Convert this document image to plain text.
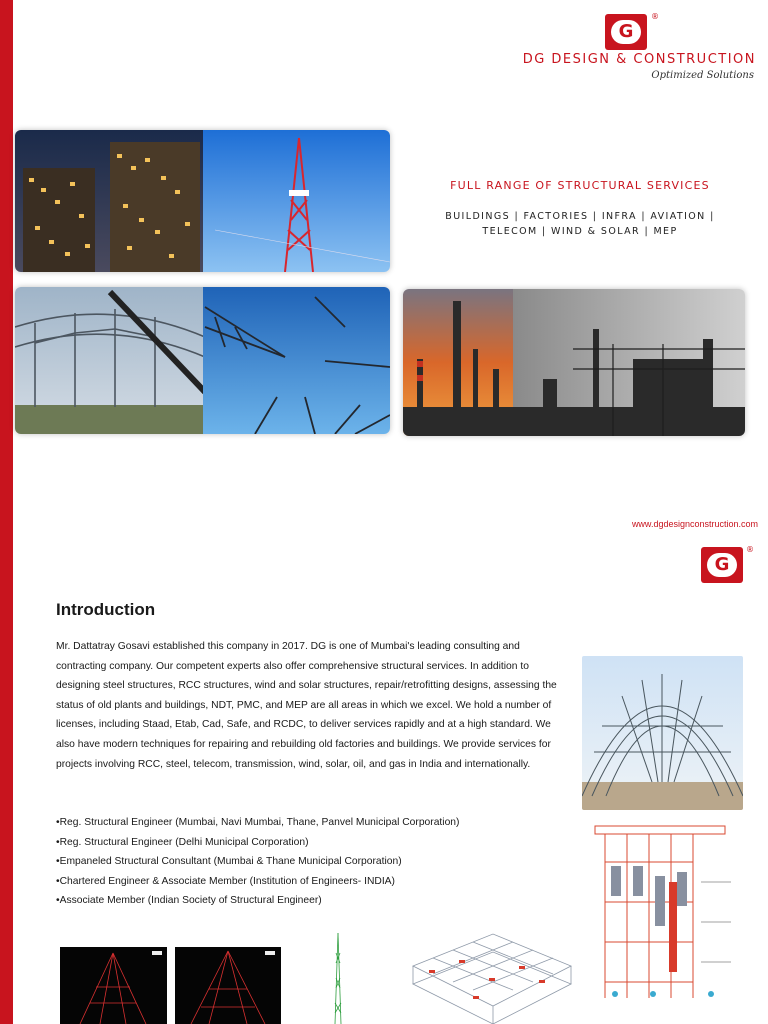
G
®
DG DESIGN & CONSTRUCTION
Optimized Solutions
FULL RANGE OF STRUCTURAL SERVICES
BUILDINGS | FACTORIES | INFRA | AVIATION |
TELECOM | WIND & SOLAR | MEP
www.dgdesignconstruction.com
G
®
Introduction

Mr. Dattatray Gosavi established this company in 2017. DG is one of Mumbai's leading consulting and contracting company. Our competent experts also offer comprehensive structural services. In addition to designing steel structures, RCC structures, wind and solar structures, repair/retrofitting designs, assessing the status of old plants and buildings, NDT, PMC, and MEP are all areas in which we excel. We hold a number of licenses, including Staad, Etab, Cad, Safe, and RCDC, to deliver services rapidly and at a high standard. We also have modern techniques for repairing and rebuilding old factories and buildings. We provide services for projects involving RCC, steel, telecom, transmission, wind, solar, oil, and gas in India and internationally.

•Reg. Structural Engineer (Mumbai, Navi Mumbai, Thane, Panvel Municipal Corporation)
•Reg. Structural Engineer (Delhi Municipal Corporation)
•Empaneled Structural Consultant (Mumbai & Thane Municipal Corporation)
•Chartered Engineer & Associate Member (Institution of Engineers- INDIA)
•Associate Member (Indian Society of Structural Engineer)
